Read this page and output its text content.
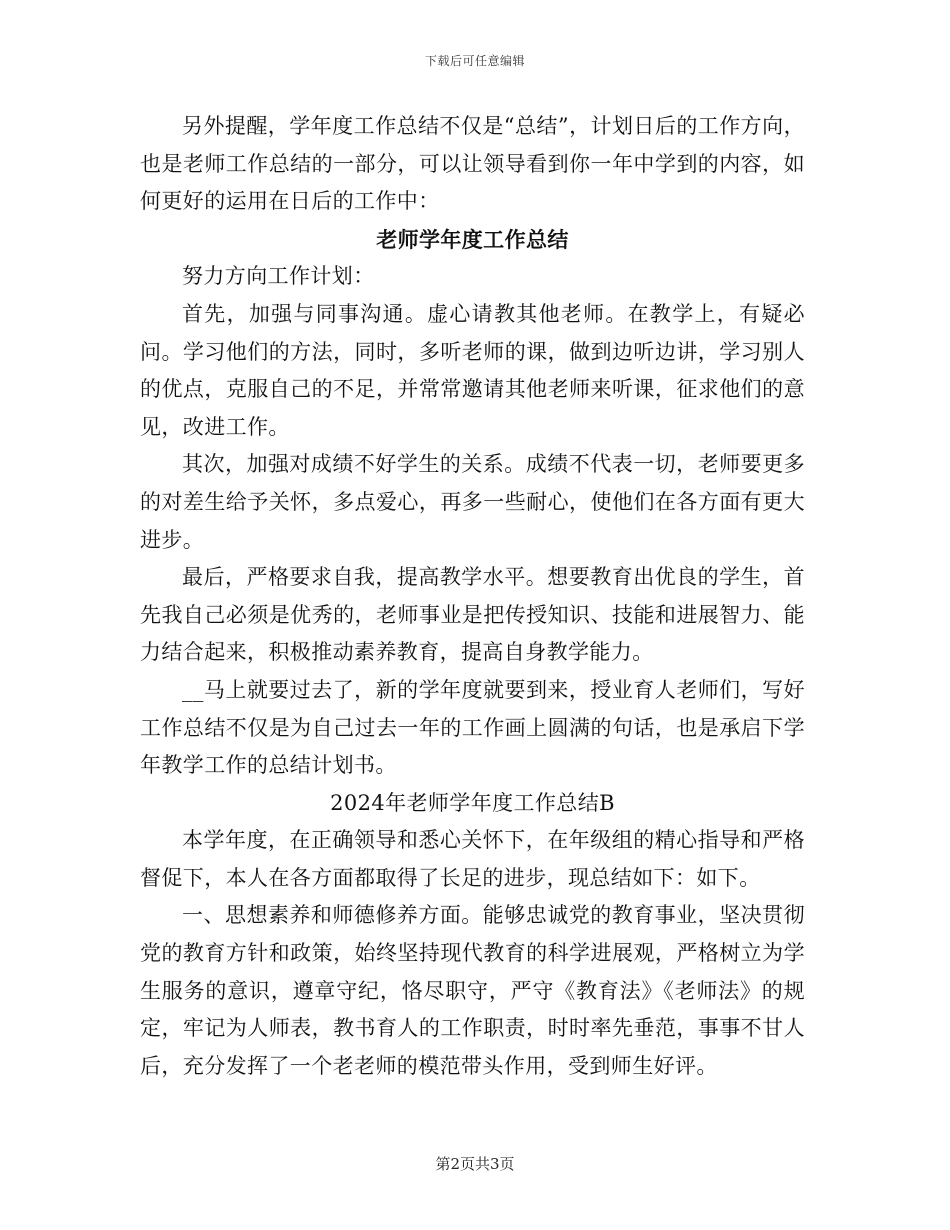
下载后可任意编辑

另外提醒，学年度工作总结不仅是“总结”，计划日后的工作方向，也是老师工作总结的一部分，可以让领导看到你一年中学到的内容，如何更好的运用在日后的工作中：

老师学年度工作总结

努力方向工作计划：

首先，加强与同事沟通。虚心请教其他老师。在教学上，有疑必问。学习他们的方法，同时，多听老师的课，做到边听边讲，学习别人的优点，克服自己的不足，并常常邀请其他老师来听课，征求他们的意见，改进工作。

其次，加强对成绩不好学生的关系。成绩不代表一切，老师要更多的对差生给予关怀，多点爱心，再多一些耐心，使他们在各方面有更大进步。

最后，严格要求自我，提高教学水平。想要教育出优良的学生，首先我自己必须是优秀的，老师事业是把传授知识、技能和进展智力、能力结合起来，积极推动素养教育，提高自身教学能力。

__马上就要过去了，新的学年度就要到来，授业育人老师们，写好工作总结不仅是为自己过去一年的工作画上圆满的句话，也是承启下学年教学工作的总结计划书。

2024年老师学年度工作总结B

本学年度，在正确领导和悉心关怀下，在年级组的精心指导和严格督促下，本人在各方面都取得了长足的进步，现总结如下：如下。

一、思想素养和师德修养方面。能够忠诚党的教育事业，坚决贯彻党的教育方针和政策，始终坚持现代教育的科学进展观，严格树立为学生服务的意识，遵章守纪，恪尽职守，严守《教育法》《老师法》的规定，牢记为人师表，教书育人的工作职责，时时率先垂范，事事不甘人后，充分发挥了一个老老师的模范带头作用，受到师生好评。

第2页共3页
